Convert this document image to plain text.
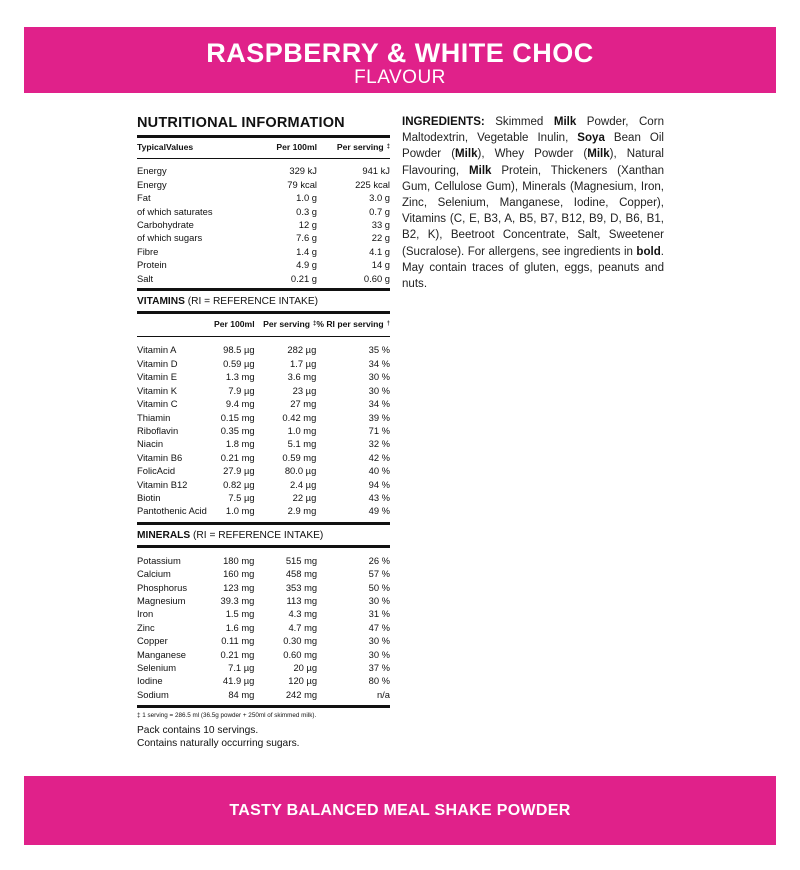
RASPBERRY & WHITE CHOC
FLAVOUR
NUTRITIONAL INFORMATION
TypicalValues	Per 100ml	Per serving ‡
Energy	329 kJ	941 kJ
Energy	79 kcal	225 kcal
Fat	1.0 g	3.0 g
of which saturates	0.3 g	0.7 g
Carbohydrate	12 g	33 g
of which sugars	7.6 g	22 g
Fibre	1.4 g	4.1 g
Protein	4.9 g	14 g
Salt	0.21 g	0.60 g
VITAMINS (RI = REFERENCE INTAKE)
	Per 100ml	Per serving ‡	% RI per serving †
Vitamin A	98.5 µg	282 µg	35 %
Vitamin D	0.59 µg	1.7 µg	34 %
Vitamin E	1.3 mg	3.6 mg	30 %
Vitamin K	7.9 µg	23 µg	30 %
Vitamin C	9.4 mg	27 mg	34 %
Thiamin	0.15 mg	0.42 mg	39 %
Riboflavin	0.35 mg	1.0 mg	71 %
Niacin	1.8 mg	5.1 mg	32 %
Vitamin B6	0.21 mg	0.59 mg	42 %
FolicAcid	27.9 µg	80.0 µg	40 %
Vitamin B12	0.82 µg	2.4 µg	94 %
Biotin	7.5 µg	22 µg	43 %
Pantothenic Acid	1.0 mg	2.9 mg	49 %
MINERALS (RI = REFERENCE INTAKE)
Potassium	180 mg	515 mg	26 %
Calcium	160 mg	458 mg	57 %
Phosphorus	123 mg	353 mg	50 %
Magnesium	39.3 mg	113 mg	30 %
Iron	1.5 mg	4.3 mg	31 %
Zinc	1.6 mg	4.7 mg	47 %
Copper	0.11 mg	0.30 mg	30 %
Manganese	0.21 mg	0.60 mg	30 %
Selenium	7.1 µg	20 µg	37 %
Iodine	41.9 µg	120 µg	80 %
Sodium	84 mg	242 mg	n/a
‡ 1 serving = 286.5 ml (36.5g powder + 250ml of skimmed milk).
Pack contains 10 servings.
Contains naturally occurring sugars.
INGREDIENTS: Skimmed Milk Powder, Corn Maltodextrin, Vegetable Inulin, Soya Bean Oil Powder (Milk), Whey Powder (Milk), Natural Flavouring, Milk Protein, Thickeners (Xanthan Gum, Cellulose Gum), Minerals (Magnesium, Iron, Zinc, Selenium, Manganese, Iodine, Copper), Vitamins (C, E, B3, A, B5, B7, B12, B9, D, B6, B1, B2, K), Beetroot Concentrate, Salt, Sweetener (Sucralose). For allergens, see ingredients in bold. May contain traces of gluten, eggs, peanuts and nuts.
TASTY BALANCED MEAL SHAKE POWDER
